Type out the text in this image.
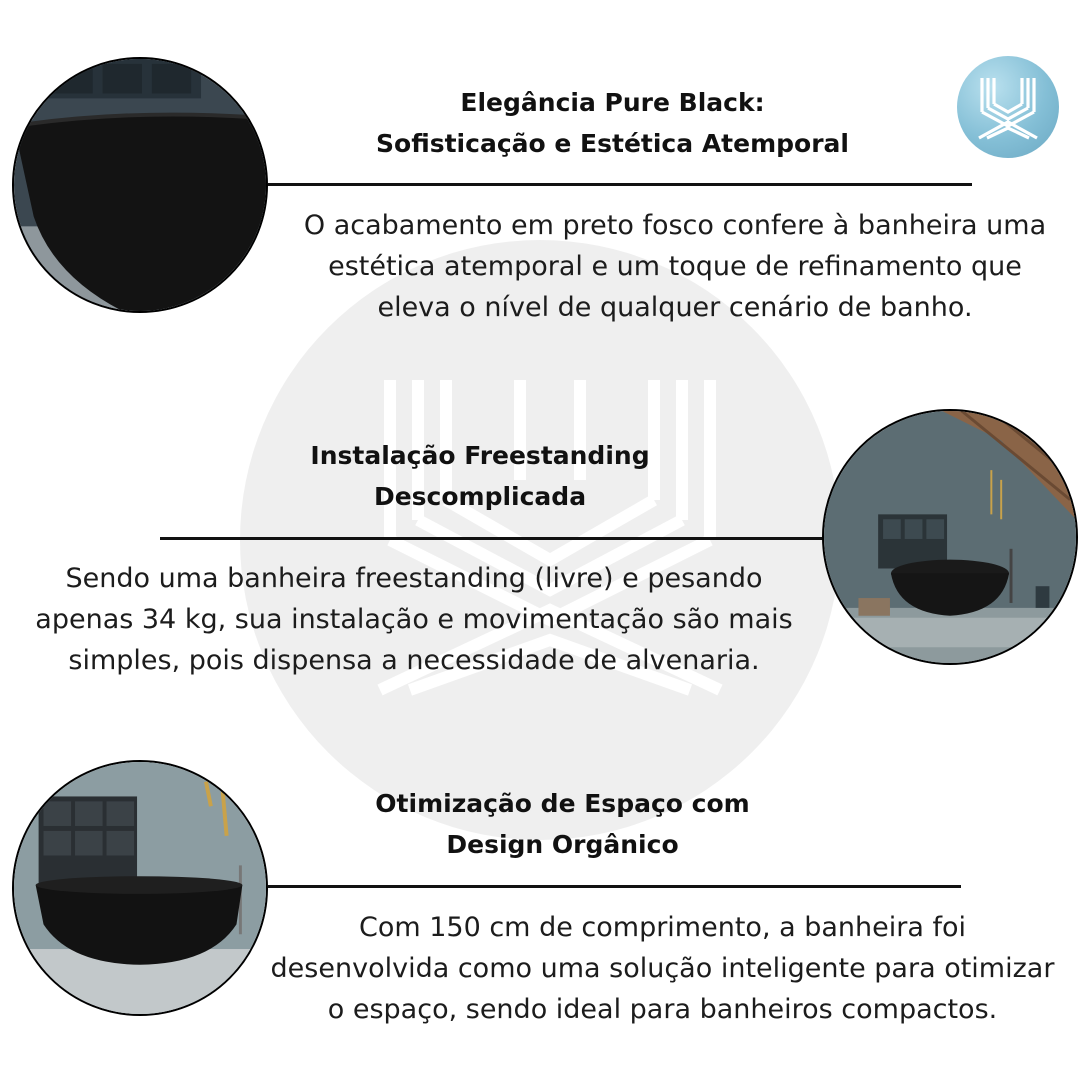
Elegância Pure Black:
Sofisticação e Estética Atemporal
O acabamento em preto fosco confere à banheira uma
estética atemporal e um toque de refinamento que
eleva o nível de qualquer cenário de banho.
Instalação Freestanding
Descomplicada
Sendo uma banheira freestanding (livre) e pesando
apenas 34 kg, sua instalação e movimentação são mais
simples, pois dispensa a necessidade de alvenaria.
Otimização de Espaço com
Design Orgânico
Com 150 cm de comprimento, a banheira foi
desenvolvida como uma solução inteligente para otimizar
o espaço, sendo ideal para banheiros compactos.
